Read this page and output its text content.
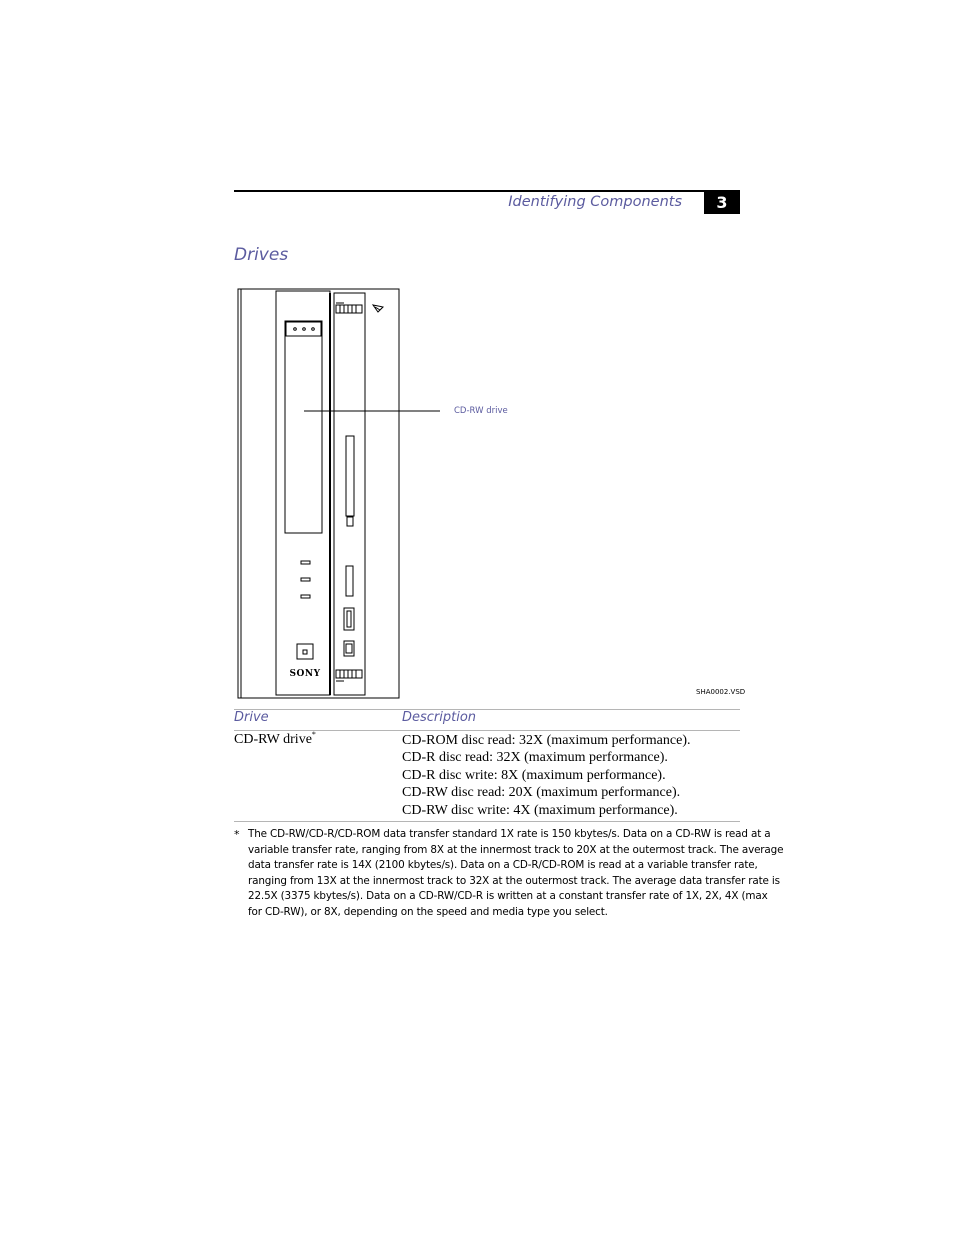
Identifying Components	3
Drives
SONY
CD-RW drive
SHA0002.VSD
Drive	Description
CD-RW drive*	CD-ROM disc read: 32X (maximum performance).
CD-R disc read: 32X (maximum performance).
CD-R disc write: 8X (maximum performance).
CD-RW disc read: 20X (maximum performance).
CD-RW disc write: 4X (maximum performance).
* The CD-RW/CD-R/CD-ROM data transfer standard 1X rate is 150 kbytes/s. Data on a CD-RW is read at a
variable transfer rate, ranging from 8X at the innermost track to 20X at the outermost track. The average
data transfer rate is 14X (2100 kbytes/s). Data on a CD-R/CD-ROM is read at a variable transfer rate,
ranging from 13X at the innermost track to 32X at the outermost track. The average data transfer rate is
22.5X (3375 kbytes/s). Data on a CD-RW/CD-R is written at a constant transfer rate of 1X, 2X, 4X (max
for CD-RW), or 8X, depending on the speed and media type you select.
